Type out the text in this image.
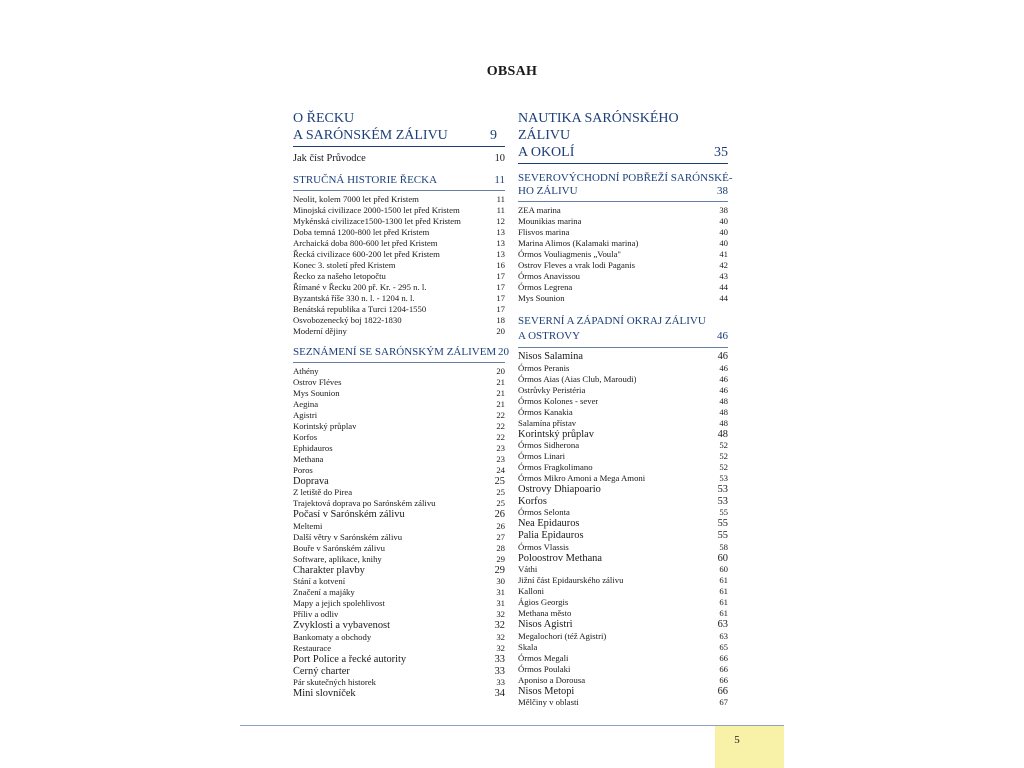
OBSAH
O ŘECKU
A SARÓNSKÉM ZÁLIVU	9
Jak číst Průvodce	10
STRUČNÁ HISTORIE ŘECKA	11
Neolit, kolem 7000 let před Kristem	11
Minojská civilizace 2000-1500 let před Kristem	11
Mykénská civilizace1500-1300 let před Kristem	12
Doba temná 1200-800 let před Kristem	13
Archaická doba 800-600 let před Kristem	13
Řecká civilizace 600-200 let před Kristem	13
Konec 3. století před Kristem	16
Řecko za našeho letopočtu	17
Římané v Řecku 200 př. Kr. - 295 n. l.	17
Byzantská říše 330 n. l. - 1204 n. l.	17
Benátská republika a Turci 1204-1550	17
Osvobozenecký boj 1822-1830	18
Moderní dějiny	20
SEZNÁMENÍ SE SARÓNSKÝM ZÁLIVEM 20
Athény	20
Ostrov Fléves	21
Mys Sounion	21
Aegina	21
Agistri	22
Korintský průplav	22
Korfos	22
Ephidauros	23
Methana	23
Poros	24
Doprava	25
Z letiště do Pirea	25
Trajektová doprava po Sarónském zálivu	25
Počasí v Sarónském zálivu	26
Meltemi	26
Další větry v Sarónském zálivu	27
Bouře v Sarónském zálivu	28
Software, aplikace, knihy	29
Charakter plavby	29
Stání a kotvení	30
Značení a majáky	31
Mapy a jejich spolehlivost	31
Příliv a odliv	32
Zvyklosti a vybavenost	32
Bankomaty a obchody	32
Restaurace	32
Port Police a řecké autority	33
Černý charter	33
Pár skutečných historek	33
Mini slovníček	34
NAUTIKA SARÓNSKÉHO ZÁLIVU
A OKOLÍ	35
SEVEROVÝCHODNÍ POBŘEŽÍ SARÓNSKÉ-
HO ZÁLIVU	38
ZEA marina	38
Mounikias marina	40
Flisvos marina	40
Marina Alimos (Kalamaki marina)	40
Órmos Vouliagmenis „Voula"	41
Ostrov Fleves a vrak lodi Paganis	42
Órmos Anavissou	43
Órmos Legrena	44
Mys Sounion	44
SEVERNÍ A ZÁPADNÍ OKRAJ ZÁLIVU
A OSTROVY	46
Nisos Salamina	46
Órmos Peranis	46
Órmos Aias (Aias Club, Maroudi)	46
Ostrůvky Peristéria	46
Órmos Kolones - sever	48
Órmos Kanakia	48
Salamína přístav	48
Korintský průplav	48
Órmos Sidherona	52
Órmos Linari	52
Órmos Fragkolimano	52
Órmos Mikro Amoni a Mega Amoni	53
Ostrovy Dhiapoario	53
Korfos	53
Órmos Selonta	55
Nea Epidauros	55
Palia Epidauros	55
Órmos Vlassis	58
Poloostrov Methana	60
Váthi	60
Jižní část Epidaurského zálivu	61
Kalloni	61
Ágios Georgis	61
Methana město	61
Nisos Agistri	63
Megalochori (též Agistri)	63
Skala	65
Órmos Megali	66
Órmos Poulaki	66
Aponiso a Dorousa	66
Nisos Metopi	66
Mělčiny v oblasti	67
5
